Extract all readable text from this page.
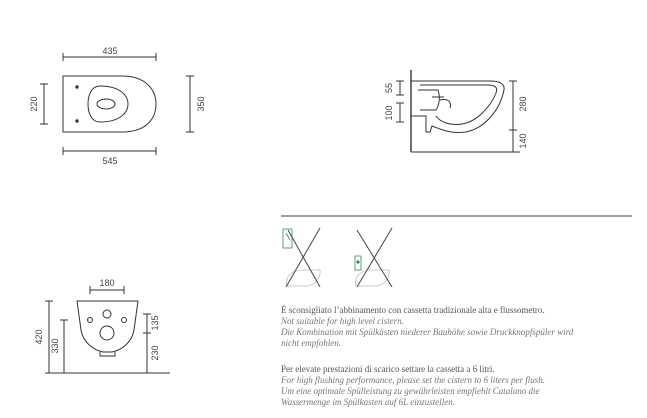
435
545
220	350
55
100
280
140
180
420
330
135
230
É sconsigliato l’abbinamento con cassetta tradizionale alta e flussometro.
Not suitable for high level cistern.
Die Kombination mit Spülkästen niederer Bauhöhe sowie Druckknopfspüler wird
nicht empfohlen.
Per elevate prestazioni di scarico settare la cassetta a 6 litri.
For high flushing performance, please set the cistern to 6 liters per flush.
Um eine optimale Spülleistung zu gewährleisten empfiehlt Catalano die
Wassermenge im Spülkasten auf 6L einzustellen.
